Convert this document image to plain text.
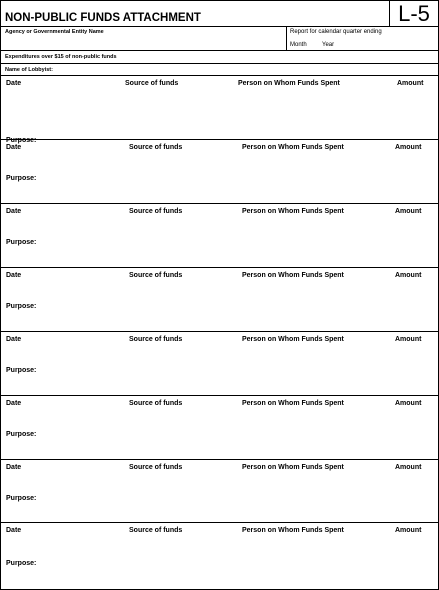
NON-PUBLIC FUNDS ATTACHMENT	L-5
Agency or Governmental Entity Name	Report for calendar quarter ending
Month	Year
Expenditures over $15 of non-public funds
Name of Lobbyist:
Date	Source of funds	Person on Whom Funds Spent	Amount
Purpose:
Date	Source of funds	Person on Whom Funds Spent	Amount
Purpose:
Date	Source of funds	Person on Whom Funds Spent	Amount
Purpose:
Date	Source of funds	Person on Whom Funds Spent	Amount
Purpose:
Date	Source of funds	Person on Whom Funds Spent	Amount
Purpose:
Date	Source of funds	Person on Whom Funds Spent	Amount
Purpose:
Date	Source of funds	Person on Whom Funds Spent	Amount
Purpose:
Date	Source of funds	Person on Whom Funds Spent	Amount
Purpose:
